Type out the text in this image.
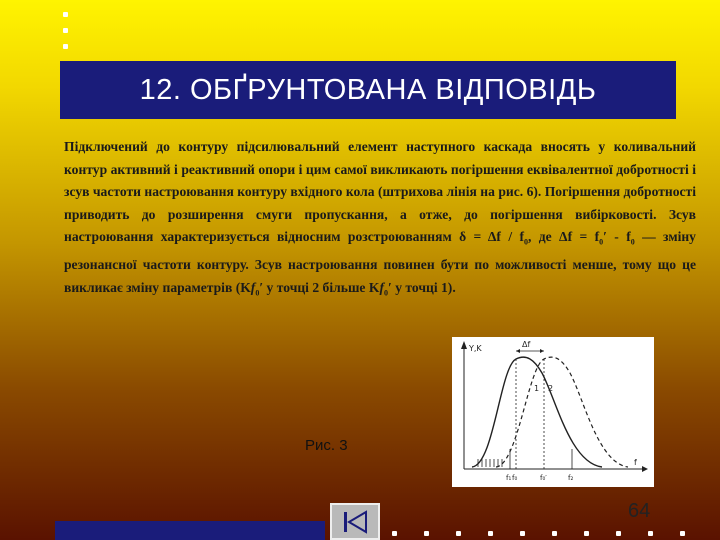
12. ОБҐРУНТОВАНА ВІДПОВІДЬ
Підключений до контуру підсилювальний елемент наступного каскада вносять у коливальний контур активний і реактивний опори і цим самої викликають погіршення еквівалентної добротності і зсув частоти настроювання контуру вхідного кола (штрихова лінія на рис. 6). Погіршення добротності приводить до розширення смуги пропускання, а отже, до погіршення вибірковості. Зсув настроювання характеризується відносним розстроюванням $\delta = \Delta f / f_0$, де $\Delta f = f_0' - f_0$ — зміну резонансної частоти контуру. Зсув настроювання повинен бути по можливості менше, тому що це викликає зміну параметрів ($Kf_0'$ у точці 2 більше $Kf_0'$ у точці 1).
Y,K
f
Δf
1 2
f₁ f₀	f₀′	f₂
Рис. 3
64
